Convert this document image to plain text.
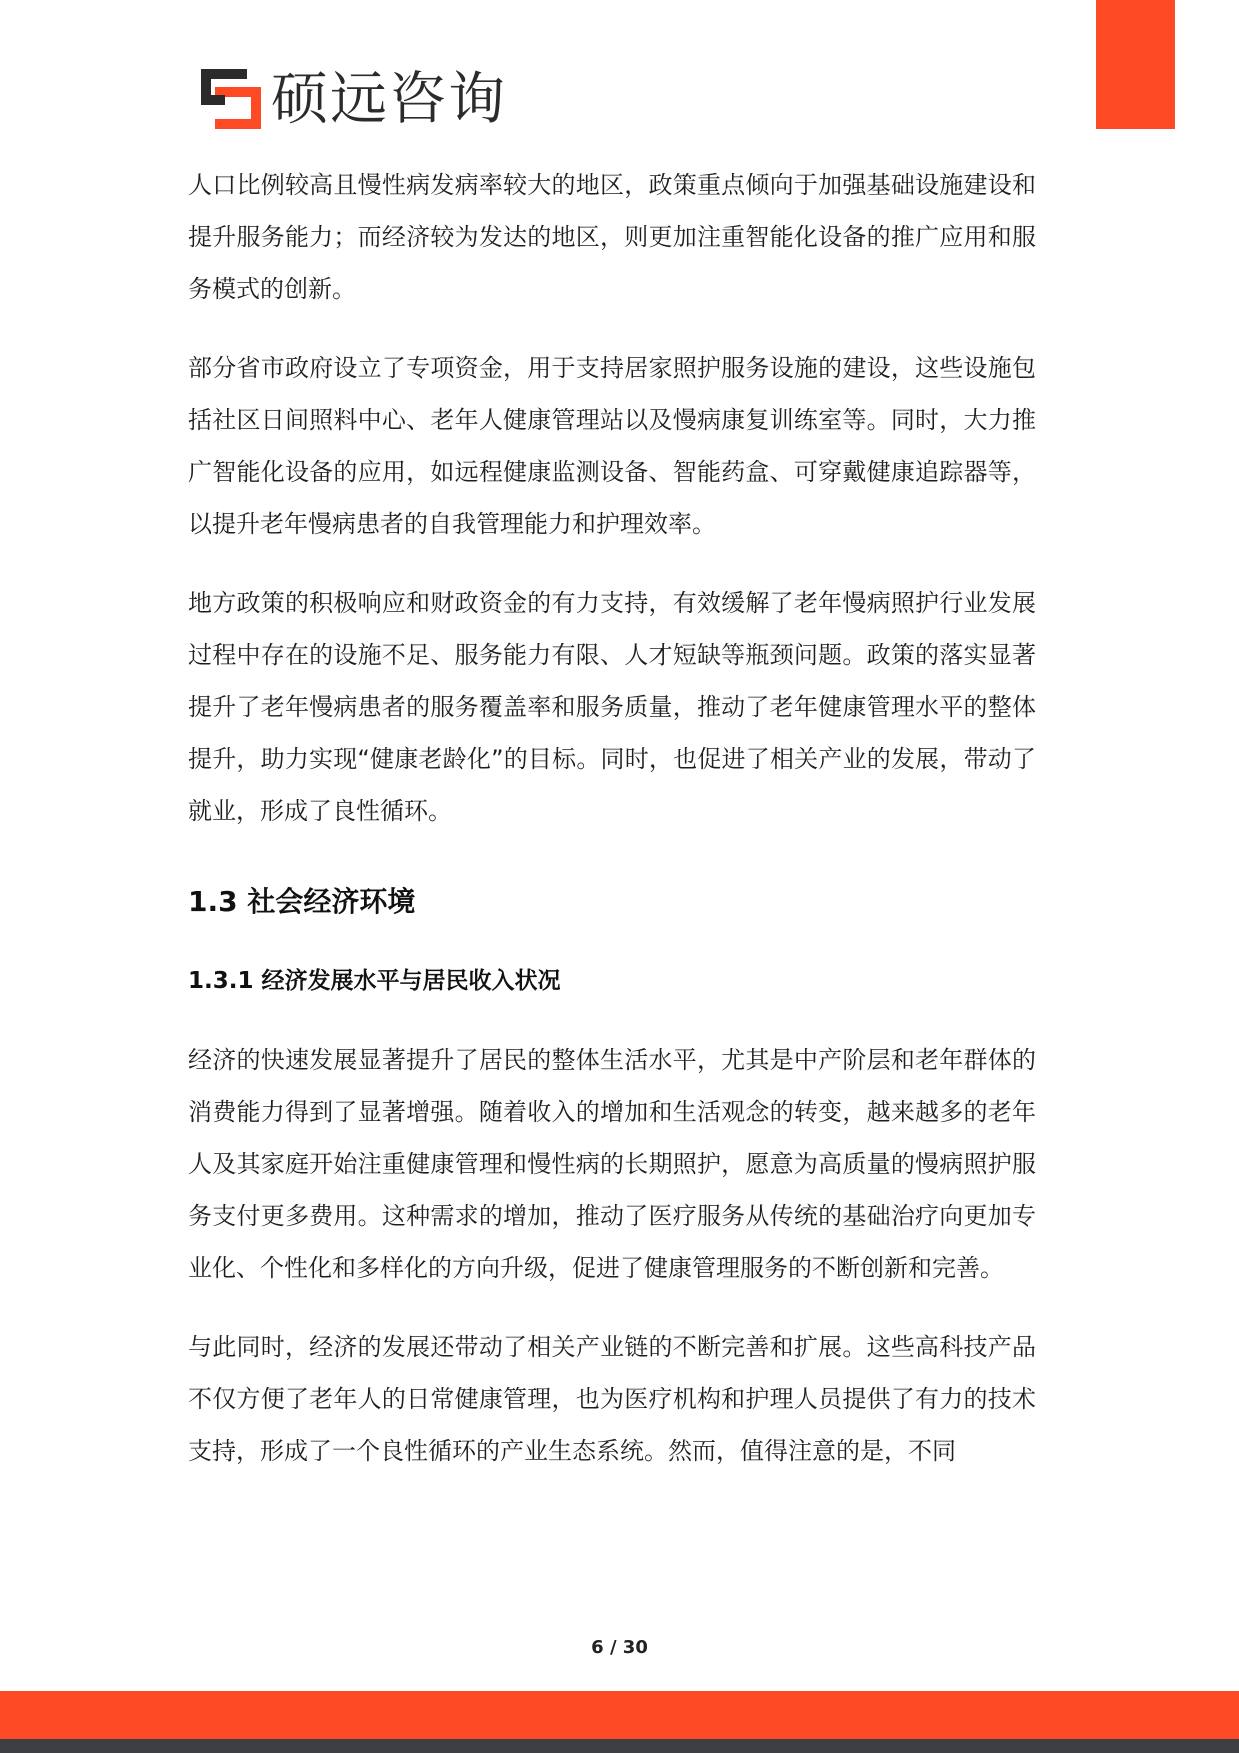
硕远咨询

人口比例较高且慢性病发病率较大的地区，政策重点倾向于加强基础设施建设和提升服务能力；而经济较为发达的地区，则更加注重智能化设备的推广应用和服务模式的创新。

部分省市政府设立了专项资金，用于支持居家照护服务设施的建设，这些设施包括社区日间照料中心、老年人健康管理站以及慢病康复训练室等。同时，大力推广智能化设备的应用，如远程健康监测设备、智能药盒、可穿戴健康追踪器等，以提升老年慢病患者的自我管理能力和护理效率。

地方政策的积极响应和财政资金的有力支持，有效缓解了老年慢病照护行业发展过程中存在的设施不足、服务能力有限、人才短缺等瓶颈问题。政策的落实显著提升了老年慢病患者的服务覆盖率和服务质量，推动了老年健康管理水平的整体提升，助力实现“健康老龄化”的目标。同时，也促进了相关产业的发展，带动了就业，形成了良性循环。

1.3 社会经济环境
1.3.1 经济发展水平与居民收入状况

经济的快速发展显著提升了居民的整体生活水平，尤其是中产阶层和老年群体的消费能力得到了显著增强。随着收入的增加和生活观念的转变，越来越多的老年人及其家庭开始注重健康管理和慢性病的长期照护，愿意为高质量的慢病照护服务支付更多费用。这种需求的增加，推动了医疗服务从传统的基础治疗向更加专业化、个性化和多样化的方向升级，促进了健康管理服务的不断创新和完善。

与此同时，经济的发展还带动了相关产业链的不断完善和扩展。这些高科技产品不仅方便了老年人的日常健康管理，也为医疗机构和护理人员提供了有力的技术支持，形成了一个良性循环的产业生态系统。然而，值得注意的是，不同

6 / 30
